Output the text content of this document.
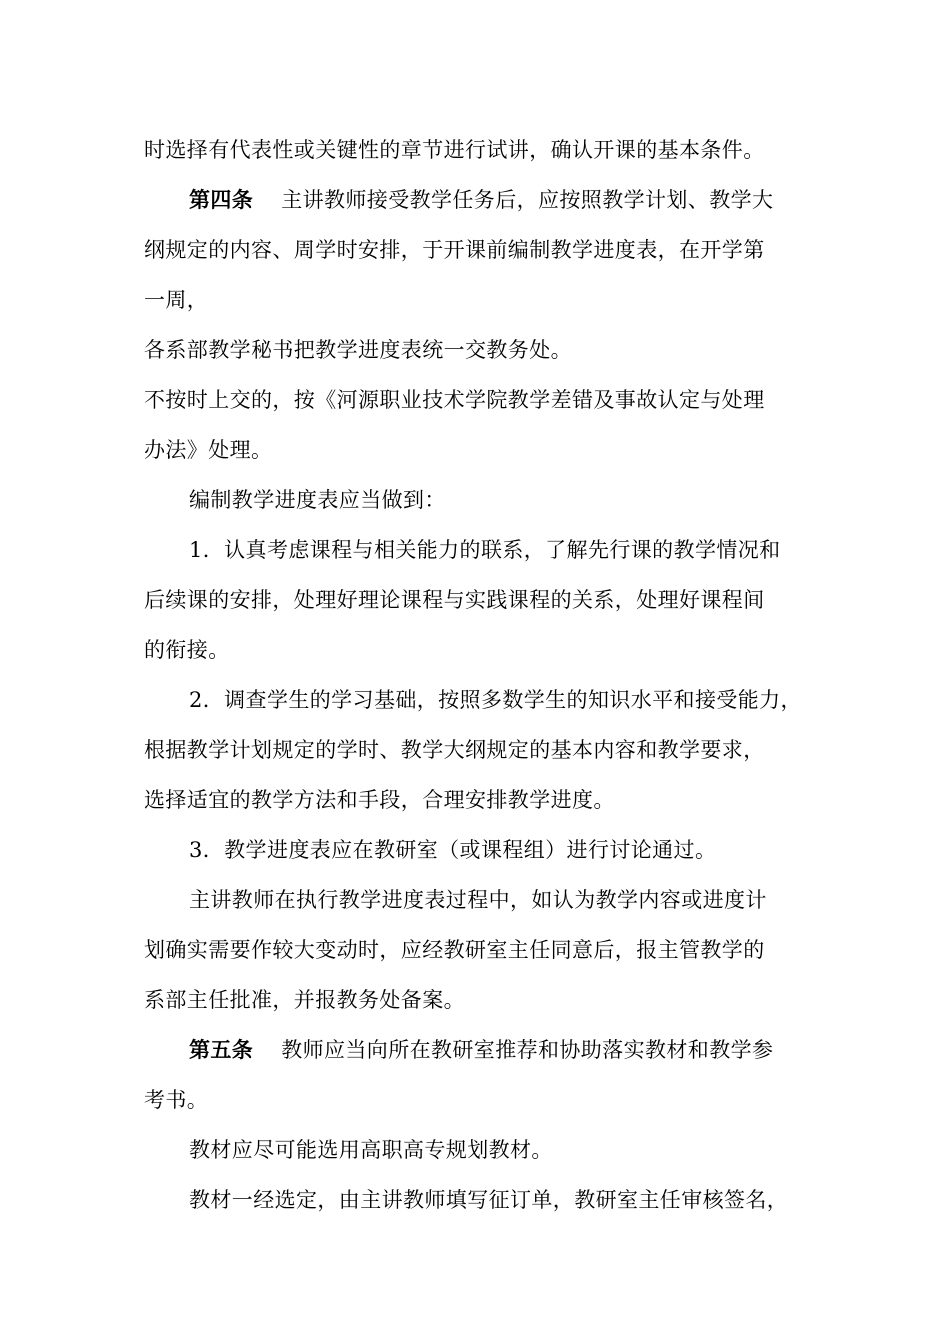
时选择有代表性或关键性的章节进行试讲，确认开课的基本条件。
第四条 主讲教师接受教学任务后，应按照教学计划、教学大
纲规定的内容、周学时安排，于开课前编制教学进度表，在开学第
一周，
各系部教学秘书把教学进度表统一交教务处。
不按时上交的，按《河源职业技术学院教学差错及事故认定与处理
办法》处理。
编制教学进度表应当做到：
1．认真考虑课程与相关能力的联系，了解先行课的教学情况和
后续课的安排，处理好理论课程与实践课程的关系，处理好课程间
的衔接。
2．调查学生的学习基础，按照多数学生的知识水平和接受能力，
根据教学计划规定的学时、教学大纲规定的基本内容和教学要求，
选择适宜的教学方法和手段，合理安排教学进度。
3．教学进度表应在教研室（或课程组）进行讨论通过。
主讲教师在执行教学进度表过程中，如认为教学内容或进度计
划确实需要作较大变动时，应经教研室主任同意后，报主管教学的
系部主任批准，并报教务处备案。
第五条 教师应当向所在教研室推荐和协助落实教材和教学参
考书。
教材应尽可能选用高职高专规划教材。
教材一经选定，由主讲教师填写征订单，教研室主任审核签名，
